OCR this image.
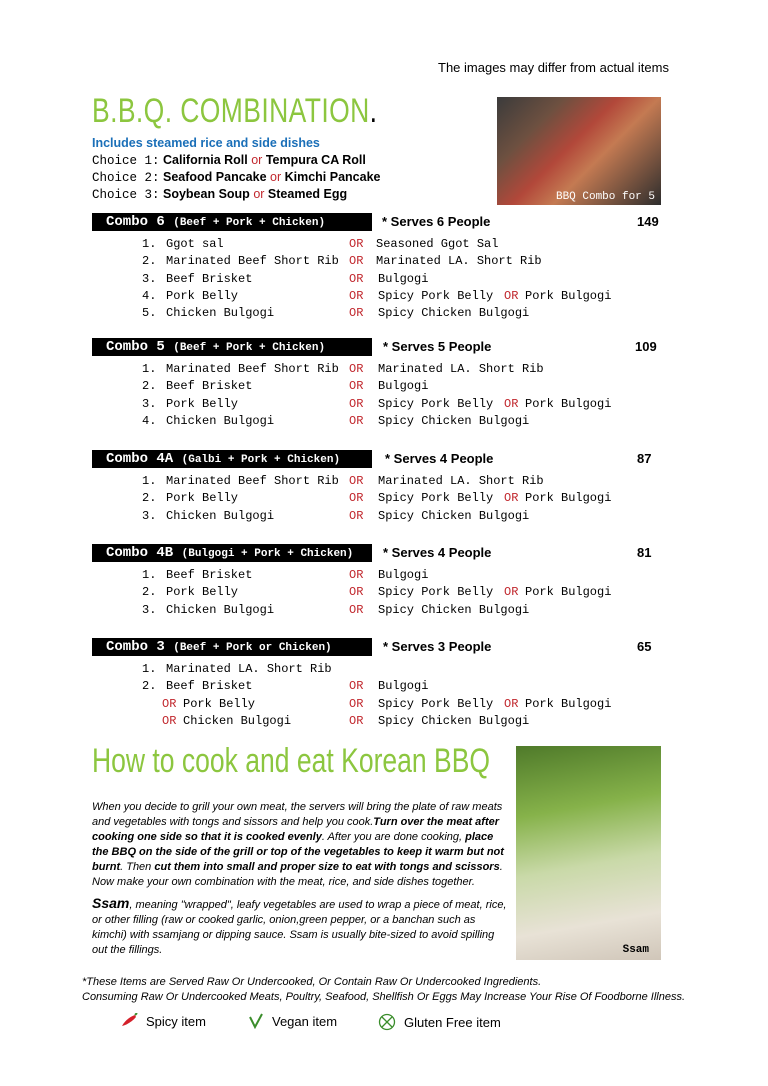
The images may differ from actual items
B.B.Q. COMBINATION.
Includes steamed rice and side dishes
Choice 1: California Roll or Tempura CA Roll
Choice 2: Seafood Pancake or Kimchi Pancake
Choice 3: Soybean Soup or Steamed Egg	BBQ Combo for 5
Combo 6 (Beef + Pork + Chicken)	* Serves 6 People	149
1. Ggot sal	OR Seasoned Ggot Sal
2. Marinated Beef Short Rib OR Marinated LA. Short Rib
3. Beef Brisket	OR Bulgogi
4. Pork Belly	OR Spicy Pork Belly OR Pork Bulgogi
5. Chicken Bulgogi	OR Spicy Chicken Bulgogi
Combo 5 (Beef + Pork + Chicken)	* Serves 5 People	109
1. Marinated Beef Short Rib OR Marinated LA. Short Rib
2. Beef Brisket	OR Bulgogi
3. Pork Belly	OR Spicy Pork Belly OR Pork Bulgogi
4. Chicken Bulgogi	OR Spicy Chicken Bulgogi
Combo 4A (Galbi + Pork + Chicken)	* Serves 4 People	87
1. Marinated Beef Short Rib OR Marinated LA. Short Rib
2. Pork Belly	OR Spicy Pork Belly OR Pork Bulgogi
3. Chicken Bulgogi	OR Spicy Chicken Bulgogi
Combo 4B (Bulgogi + Pork + Chicken)	* Serves 4 People	81
1. Beef Brisket	OR Bulgogi
2. Pork Belly	OR Spicy Pork Belly OR Pork Bulgogi
3. Chicken Bulgogi	OR Spicy Chicken Bulgogi
Combo 3 (Beef + Pork or Chicken)	* Serves 3 People	65
1. Marinated LA. Short Rib
2. Beef Brisket	OR Bulgogi
OR Pork Belly	OR Spicy Pork Belly OR Pork Bulgogi
OR Chicken Bulgogi	OR Spicy Chicken Bulgogi
How to cook and eat Korean BBQ
When you decide to grill your own meat, the servers will bring the plate of raw meats and vegetables with tongs and sissors and help you cook.Turn over the meat after cooking one side so that it is cooked evenly. After you are done cooking, place the BBQ on the side of the grill or top of the vegetables to keep it warm but not burnt. Then cut them into small and proper size to eat with tongs and scissors. Now make your own combination with the meat, rice, and side dishes together.
Ssam, meaning "wrapped", leafy vegetables are used to wrap a piece of meat, rice, or other filling (raw or cooked garlic, onion,green pepper, or a banchan such as kimchi) with ssamjang or dipping sauce. Ssam is usually bite-sized to avoid spilling out the fillings.	Ssam
*These Items are Served Raw Or Undercooked, Or Contain Raw Or Undercooked Ingredients.
Consuming Raw Or Undercooked Meats, Poultry, Seafood, Shellfish Or Eggs May Increase Your Rise Of Foodborne Illness.
Spicy item	Vegan item	Gluten Free item
